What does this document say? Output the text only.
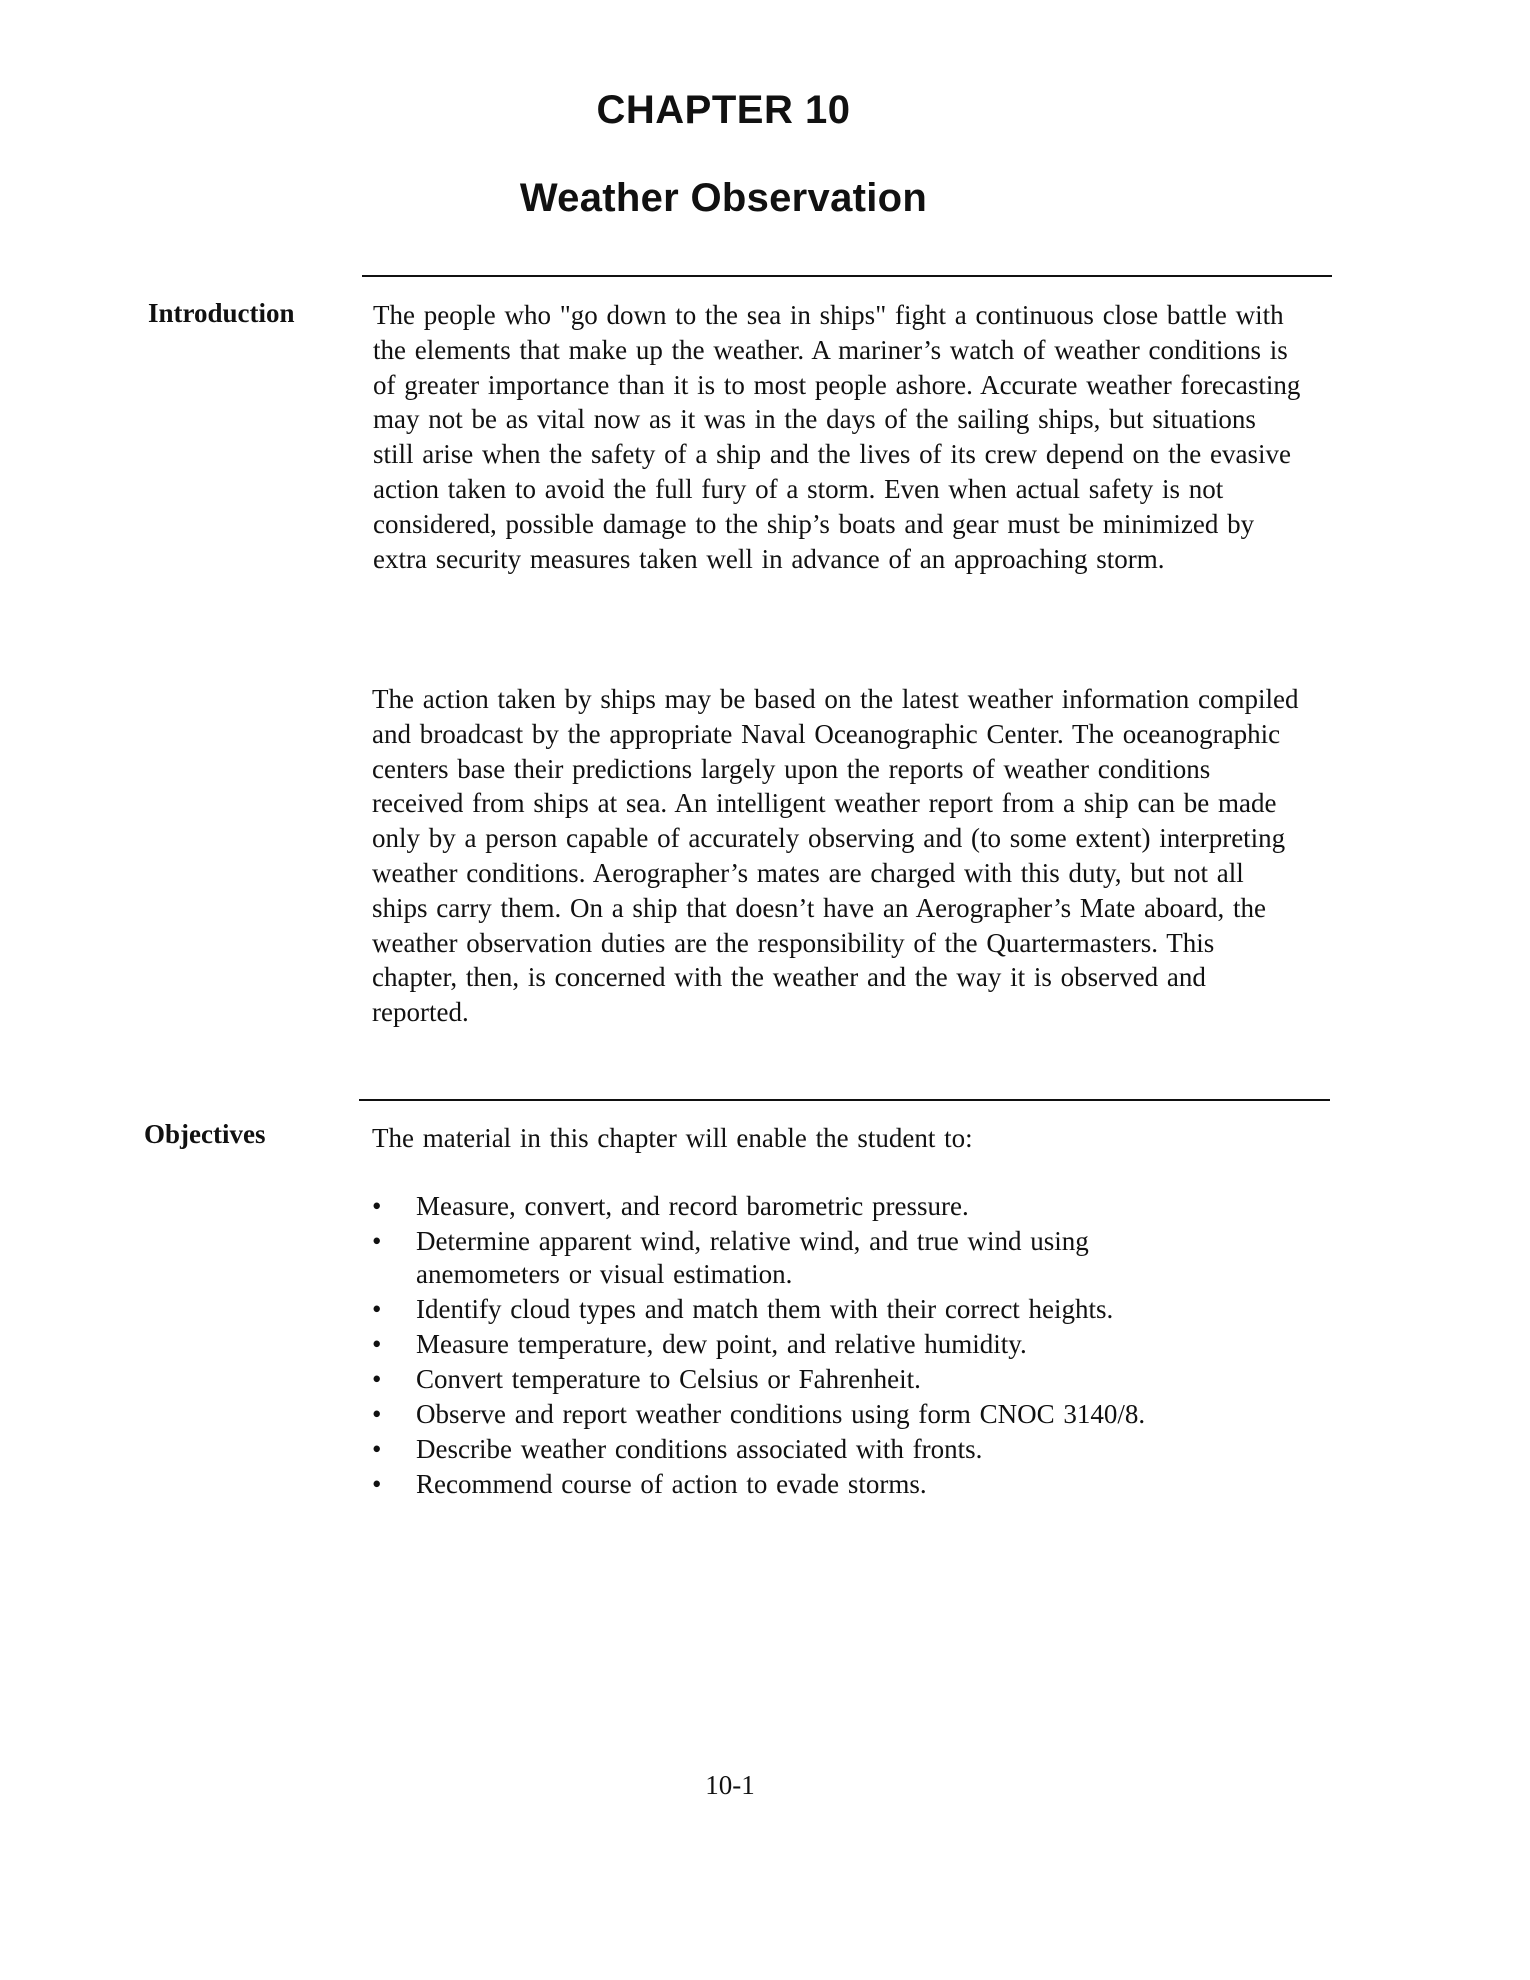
CHAPTER 10
Weather Observation
Introduction	The people who "go down to the sea in ships" fight a continuous close battle with the elements that make up the weather. A mariner’s watch of weather conditions is of greater importance than it is to most people ashore. Accurate weather forecasting may not be as vital now as it was in the days of the sailing ships, but situations still arise when the safety of a ship and the lives of its crew depend on the evasive action taken to avoid the full fury of a storm. Even when actual safety is not considered, possible damage to the ship’s boats and gear must be minimized by extra security measures taken well in advance of an approaching storm.

The action taken by ships may be based on the latest weather information compiled and broadcast by the appropriate Naval Oceanographic Center. The oceanographic centers base their predictions largely upon the reports of weather conditions received from ships at sea. An intelligent weather report from a ship can be made only by a person capable of accurately observing and (to some extent) interpreting weather conditions. Aerographer’s mates are charged with this duty, but not all ships carry them. On a ship that doesn’t have an Aerographer’s Mate aboard, the weather observation duties are the responsibility of the Quartermasters. This chapter, then, is concerned with the weather and the way it is observed and reported.

Objectives	The material in this chapter will enable the student to:

• Measure, convert, and record barometric pressure.
• Determine apparent wind, relative wind, and true wind using anemometers or visual estimation.
• Identify cloud types and match them with their correct heights.
• Measure temperature, dew point, and relative humidity.
• Convert temperature to Celsius or Fahrenheit.
• Observe and report weather conditions using form CNOC 3140/8.
• Describe weather conditions associated with fronts.
• Recommend course of action to evade storms.

10-1
